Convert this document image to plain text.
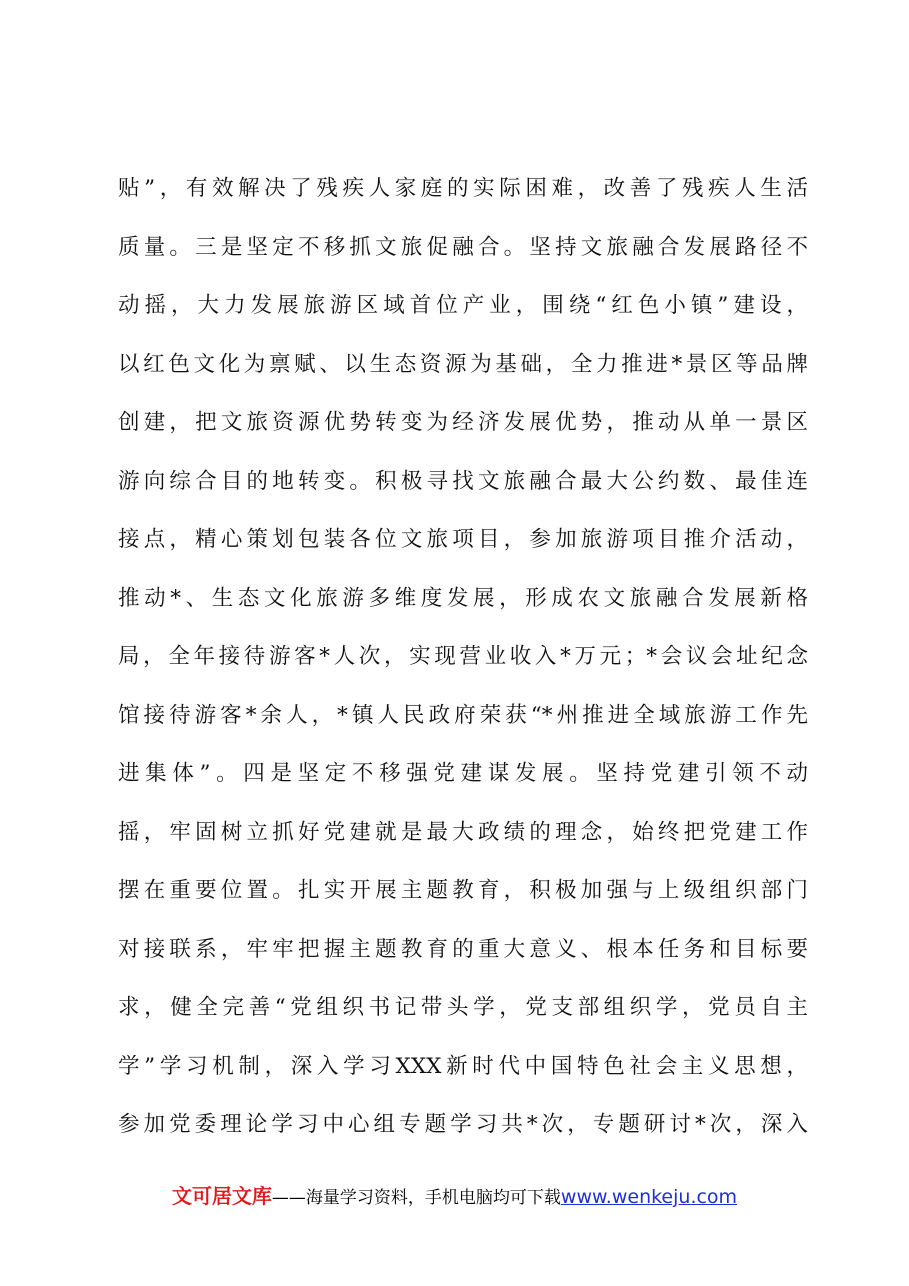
贴”，有效解决了残疾人家庭的实际困难，改善了残疾人生活
质量。三是坚定不移抓文旅促融合。坚持文旅融合发展路径不
动摇，大力发展旅游区域首位产业，围绕“红色小镇”建设，
以红色文化为禀赋、以生态资源为基础，全力推进*景区等品牌
创建，把文旅资源优势转变为经济发展优势，推动从单一景区
游向综合目的地转变。积极寻找文旅融合最大公约数、最佳连
接点，精心策划包装各位文旅项目，参加旅游项目推介活动，
推动*、生态文化旅游多维度发展，形成农文旅融合发展新格
局，全年接待游客*人次，实现营业收入*万元；*会议会址纪念
馆接待游客*余人，*镇人民政府荣获“*州推进全域旅游工作先
进集体”。四是坚定不移强党建谋发展。坚持党建引领不动
摇，牢固树立抓好党建就是最大政绩的理念，始终把党建工作
摆在重要位置。扎实开展主题教育，积极加强与上级组织部门
对接联系，牢牢把握主题教育的重大意义、根本任务和目标要
求，健全完善“党组织书记带头学，党支部组织学，党员自主
学”学习机制，深入学习XXX新时代中国特色社会主义思想，
参加党委理论学习中心组专题学习共*次，专题研讨*次，深入
文可居文库——海量学习资料，手机电脑均可下载www.wenkeju.com
